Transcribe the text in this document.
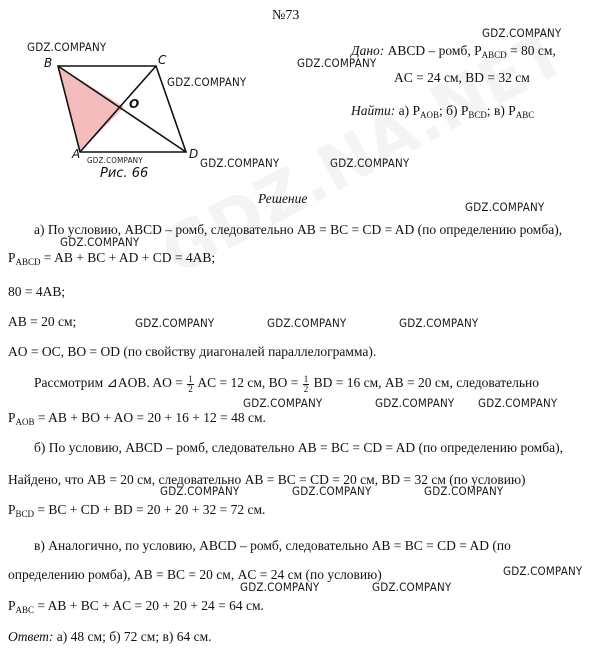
№73
B	C
O
A	D
Рис. 66
Дано: ABCD – ромб, $P_{ABCD} = 80$ см,
AC = 24 см, BD = 32 см
Найти: а) $P_{AOB}$; б) $P_{BCD}$; в) $P_{ABC}$
Решение
а) По условию, ABCD – ромб, следовательно AB = BC = CD = AD (по определению ромба),
$P_{ABCD}$ = AB + BC + AD + CD = 4AB;
80 = 4AB;
AB = 20 см;
AO = OC, BO = OD (по свойству диагоналей параллелограмма).
Рассмотрим ⊿AOB. AO = $\frac{1}{2}$ AC = 12 см, BO = $\frac{1}{2}$ BD = 16 см, AB = 20 см, следовательно
$P_{AOB}$ = AB + BO + AO = 20 + 16 + 12 = 48 см.
б) По условию, ABCD – ромб, следовательно AB = BC = CD = AD (по определению ромба),
Найдено, что AB = 20 см, следовательно AB = BC = CD = 20 см, BD = 32 см (по условию)
$P_{BCD}$ = BC + CD + BD = 20 + 20 + 32 = 72 см.
в) Аналогично, по условию, ABCD – ромб, следовательно AB = BC = CD = AD (по
определению ромба), AB = BC = 20 см, AC = 24 см (по условию)
$P_{ABC}$ = AB + BC + AC = 20 + 20 + 24 = 64 см.
Ответ: а) 48 см; б) 72 см; в) 64 см.
GDZ.COMPANY
GDZ.COMPANY
GDZ.COMPANY
GDZ.COMPANY
GDZ.COMPANY	GDZ.COMPANY	GDZ.COMPANY
GDZ.COMPANY
GDZ.COMPANY
GDZ.COMPANY	GDZ.COMPANY	GDZ.COMPANY
GDZ.COMPANY	GDZ.COMPANY GDZ.COMPANY
GDZ.COMPANY	GDZ.COMPANY	GDZ.COMPANY
GDZ.COMPANY
GDZ.COMPANY	GDZ.COMPANY
